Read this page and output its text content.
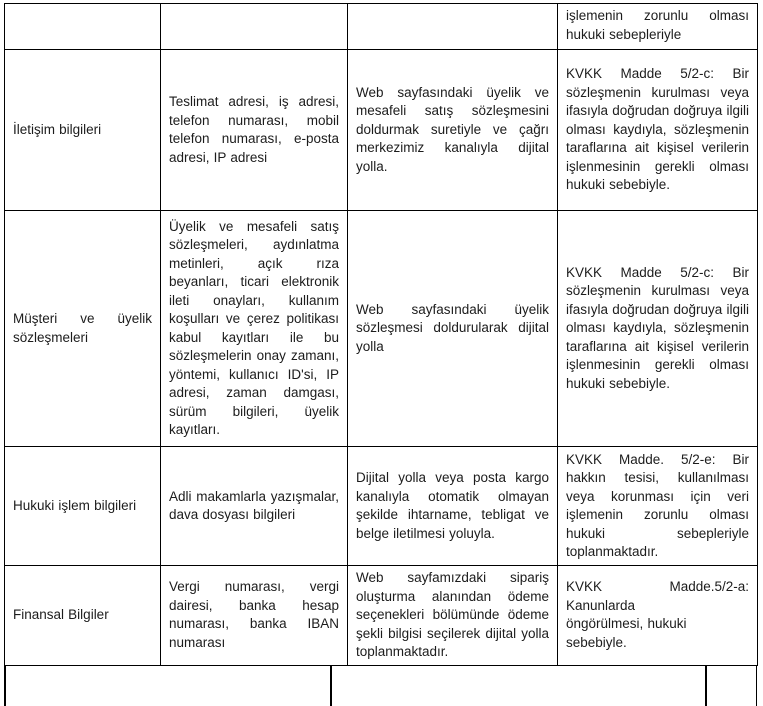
			işlemenin zorunlu olması hukuki sebepleriyle
İletişim bilgileri	Teslimat adresi, iş adresi, telefon numarası, mobil telefon numarası, e-posta adresi, IP adresi	Web sayfasındaki üyelik ve mesafeli satış sözleşmesini doldurmak suretiyle ve çağrı merkezimiz kanalıyla dijital yolla.	KVKK Madde 5/2-c: Bir sözleşmenin kurulması veya ifasıyla doğrudan doğruya ilgili olması kaydıyla, sözleşmenin taraflarına ait kişisel verilerin işlenmesinin gerekli olması hukuki sebebiyle.
Müşteri ve üyelik sözleşmeleri	Üyelik ve mesafeli satış sözleşmeleri, aydınlatma metinleri, açık rıza beyanları, ticari elektronik ileti onayları, kullanım koşulları ve çerez politikası kabul kayıtları ile bu sözleşmelerin onay zamanı, yöntemi, kullanıcı ID'si, IP adresi, zaman damgası, sürüm bilgileri, üyelik kayıtları.	Web sayfasındaki üyelik sözleşmesi doldurularak dijital yolla	KVKK Madde 5/2-c: Bir sözleşmenin kurulması veya ifasıyla doğrudan doğruya ilgili olması kaydıyla, sözleşmenin taraflarına ait kişisel verilerin işlenmesinin gerekli olması hukuki sebebiyle.
Hukuki işlem bilgileri	Adli makamlarla yazışmalar, dava dosyası bilgileri	Dijital yolla veya posta kargo kanalıyla otomatik olmayan şekilde ihtarname, tebligat ve belge iletilmesi yoluyla.	KVKK Madde. 5/2-e: Bir hakkın tesisi, kullanılması veya korunması için veri işlemenin zorunlu olması hukuki sebepleriyle toplanmaktadır.
Finansal Bilgiler	Vergi numarası, vergi dairesi, banka hesap numarası, banka IBAN numarası	Web sayfamızdaki sipariş oluşturma alanından ödeme seçenekleri bölümünde ödeme şekli bilgisi seçilerek dijital yolla toplanmaktadır.	KVKK Madde.5/2-a:
Kanunlarda
öngörülmesi, hukuki
sebebiyle.
